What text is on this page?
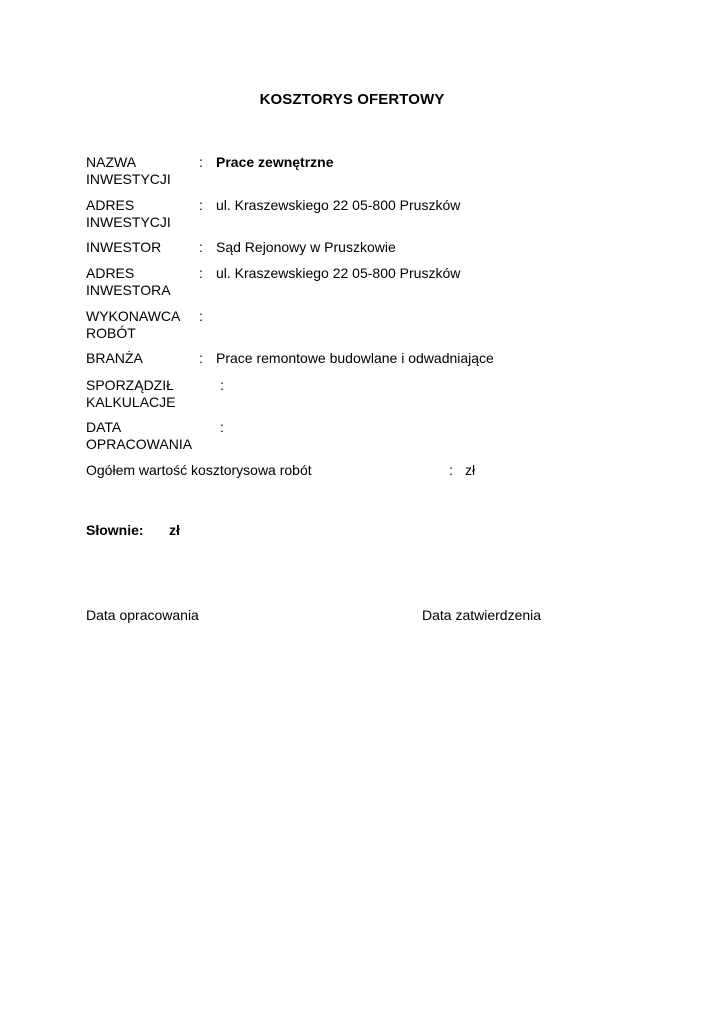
KOSZTORYS OFERTOWY
NAZWA
INWESTYCJI
: Prace zewnętrzne
ADRES
INWESTYCJI
: ul. Kraszewskiego 22 05-800 Pruszków
INWESTOR	: Sąd Rejonowy w Pruszkowie
ADRES
INWESTORA
: ul. Kraszewskiego 22 05-800 Pruszków
WYKONAWCA
ROBÓT
:
BRANŻA	: Prace remontowe budowlane i odwadniające
SPORZĄDZIŁ
KALKULACJE
:
DATA
OPRACOWANIA
:
Ogółem wartość kosztorysowa robót	: zł
Słownie: zł
Data opracowania	Data zatwierdzenia
